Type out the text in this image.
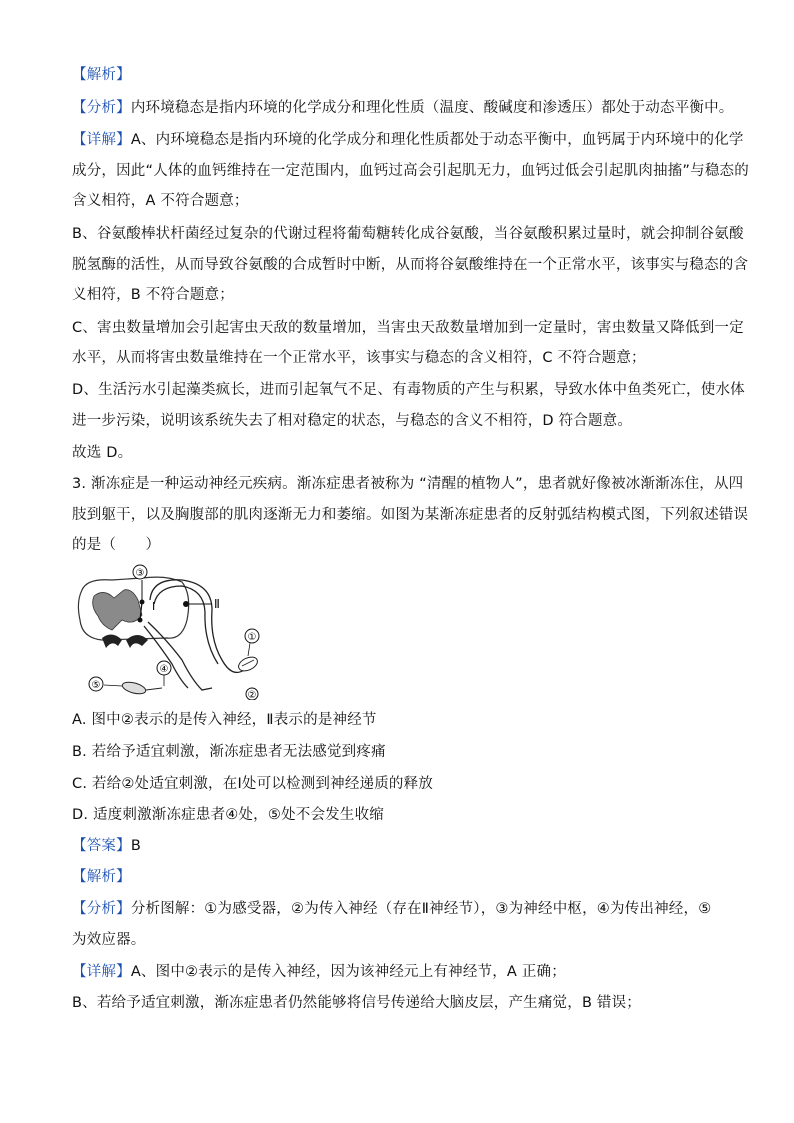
【解析】
【分析】内环境稳态是指内环境的化学成分和理化性质（温度、酸碱度和渗透压）都处于动态平衡中。
【详解】A、内环境稳态是指内环境的化学成分和理化性质都处于动态平衡中，血钙属于内环境中的化学
成分，因此“人体的血钙维持在一定范围内，血钙过高会引起肌无力，血钙过低会引起肌肉抽搐”与稳态的
含义相符，A 不符合题意；
B、谷氨酸棒状杆菌经过复杂的代谢过程将葡萄糖转化成谷氨酸，当谷氨酸积累过量时，就会抑制谷氨酸
脱氢酶的活性，从而导致谷氨酸的合成暂时中断，从而将谷氨酸维持在一个正常水平，该事实与稳态的含
义相符，B 不符合题意；
C、害虫数量增加会引起害虫天敌的数量增加，当害虫天敌数量增加到一定量时，害虫数量又降低到一定
水平，从而将害虫数量维持在一个正常水平，该事实与稳态的含义相符，C 不符合题意；
D、生活污水引起藻类疯长，进而引起氧气不足、有毒物质的产生与积累，导致水体中鱼类死亡，使水体
进一步污染，说明该系统失去了相对稳定的状态，与稳态的含义不相符，D 符合题意。
故选 D。
3. 渐冻症是一种运动神经元疾病。渐冻症患者被称为 “清醒的植物人”，患者就好像被冰渐渐冻住，从四
肢到躯干，以及胸腹部的肌肉逐渐无力和萎缩。如图为某渐冻症患者的反射弧结构模式图，下列叙述错误
的是（　　）
③
Ⅱ
Ⅰ
①
②
⑤
④
A. 图中②表示的是传入神经，Ⅱ表示的是神经节
B. 若给予适宜刺激，渐冻症患者无法感觉到疼痛
C. 若给②处适宜刺激，在Ⅰ处可以检测到神经递质的释放
D. 适度刺激渐冻症患者④处，⑤处不会发生收缩
【答案】B
【解析】
【分析】分析图解：①为感受器，②为传入神经（存在Ⅱ神经节），③为神经中枢，④为传出神经，⑤
为效应器。
【详解】A、图中②表示的是传入神经，因为该神经元上有神经节，A 正确；
B、若给予适宜刺激，渐冻症患者仍然能够将信号传递给大脑皮层，产生痛觉，B 错误；
